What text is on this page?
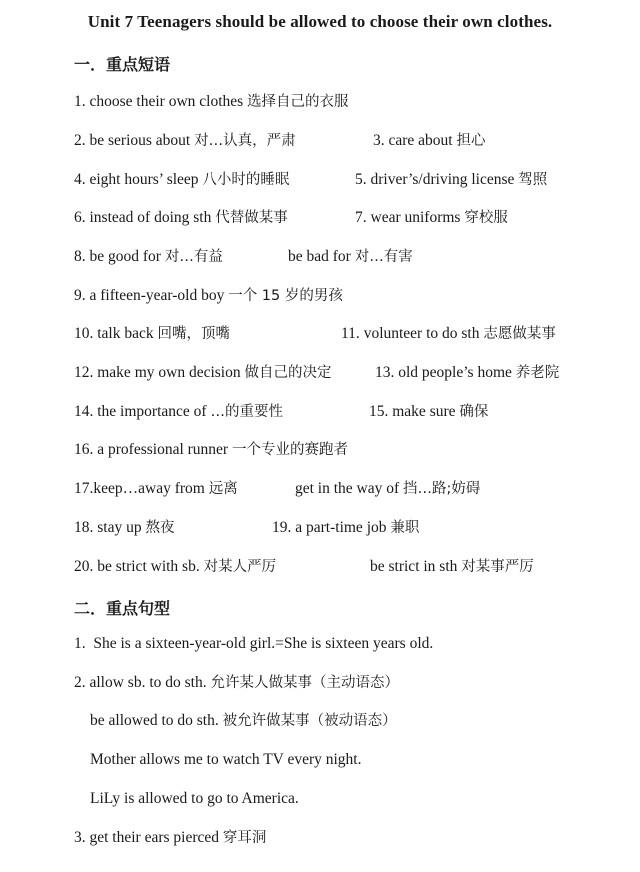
Unit 7 Teenagers should be allowed to choose their own clothes.
一．重点短语
1. choose their own clothes 选择自己的衣服
2. be serious about 对…认真，严肃	3. care about 担心
4. eight hours’ sleep 八小时的睡眠	5. driver’s/driving license 驾照
6. instead of doing sth 代替做某事	7. wear uniforms 穿校服
8. be good for 对…有益	be bad for 对…有害
9. a fifteen-year-old boy 一个 15 岁的男孩
10. talk back 回嘴，顶嘴	11. volunteer to do sth 志愿做某事
12. make my own decision 做自己的决定	13. old people’s home 养老院
14. the importance of …的重要性	15. make sure 确保
16. a professional runner 一个专业的赛跑者
17.keep…away from 远离	get in the way of 挡…路;妨碍
18. stay up 熬夜	19. a part-time job 兼职
20. be strict with sb. 对某人严厉	be strict in sth 对某事严厉
二．重点句型
1. She is a sixteen-year-old girl.=She is sixteen years old.
2. allow sb. to do sth. 允许某人做某事（主动语态）
be allowed to do sth. 被允许做某事（被动语态）
Mother allows me to watch TV every night.
LiLy is allowed to go to America.
3. get their ears pierced 穿耳洞
